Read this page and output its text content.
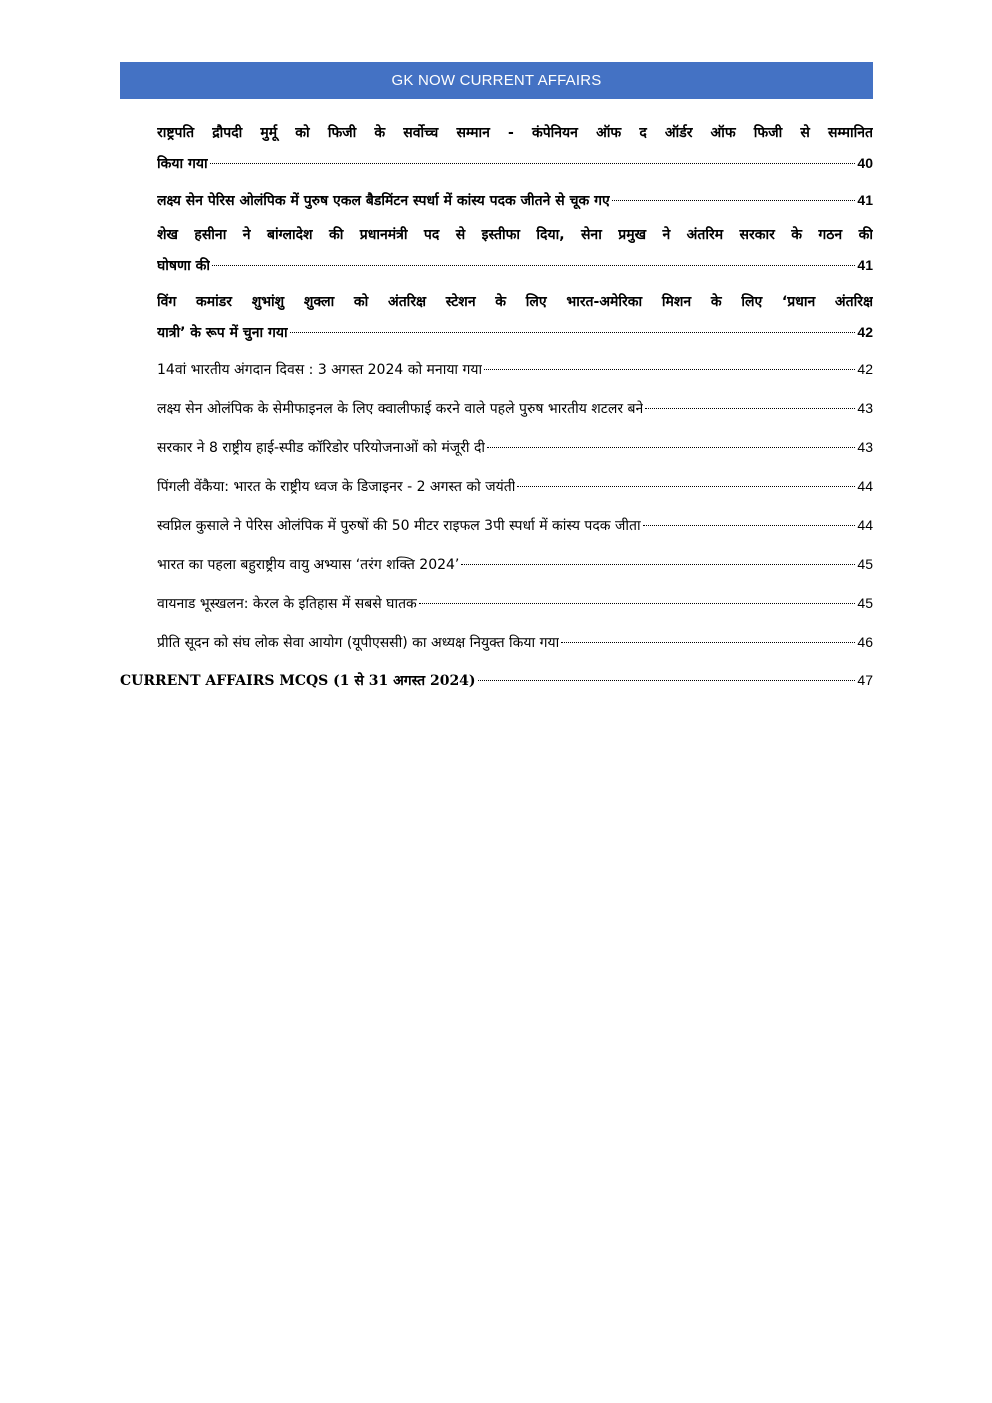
GK NOW CURRENT AFFAIRS
राष्ट्रपति द्रौपदी मुर्मू को फिजी के सर्वोच्च सम्मान - कंपेनियन ऑफ द ऑर्डर ऑफ फिजी से सम्मानित
किया गया	40
लक्ष्य सेन पेरिस ओलंपिक में पुरुष एकल बैडमिंटन स्पर्धा में कांस्य पदक जीतने से चूक गए	41
शेख हसीना ने बांग्लादेश की प्रधानमंत्री पद से इस्तीफा दिया, सेना प्रमुख ने अंतरिम सरकार के गठन की
घोषणा की	41
विंग कमांडर शुभांशु शुक्ला को अंतरिक्ष स्टेशन के लिए भारत-अमेरिका मिशन के लिए ‘प्रधान अंतरिक्ष
यात्री’ के रूप में चुना गया	42
14वां भारतीय अंगदान दिवस : 3 अगस्त 2024 को मनाया गया	42
लक्ष्य सेन ओलंपिक के सेमीफाइनल के लिए क्वालीफाई करने वाले पहले पुरुष भारतीय शटलर बने	43
सरकार ने 8 राष्ट्रीय हाई-स्पीड कॉरिडोर परियोजनाओं को मंजूरी दी	43
पिंगली वेंकैया: भारत के राष्ट्रीय ध्वज के डिजाइनर - 2 अगस्त को जयंती	44
स्वप्निल कुसाले ने पेरिस ओलंपिक में पुरुषों की 50 मीटर राइफल 3पी स्पर्धा में कांस्य पदक जीता	44
भारत का पहला बहुराष्ट्रीय वायु अभ्यास ‘तरंग शक्ति 2024’	45
वायनाड भूस्खलन: केरल के इतिहास में सबसे घातक	45
प्रीति सूदन को संघ लोक सेवा आयोग (यूपीएससी) का अध्यक्ष नियुक्त किया गया	46
CURRENT AFFAIRS MCQS (1 से 31 अगस्त 2024)	47
